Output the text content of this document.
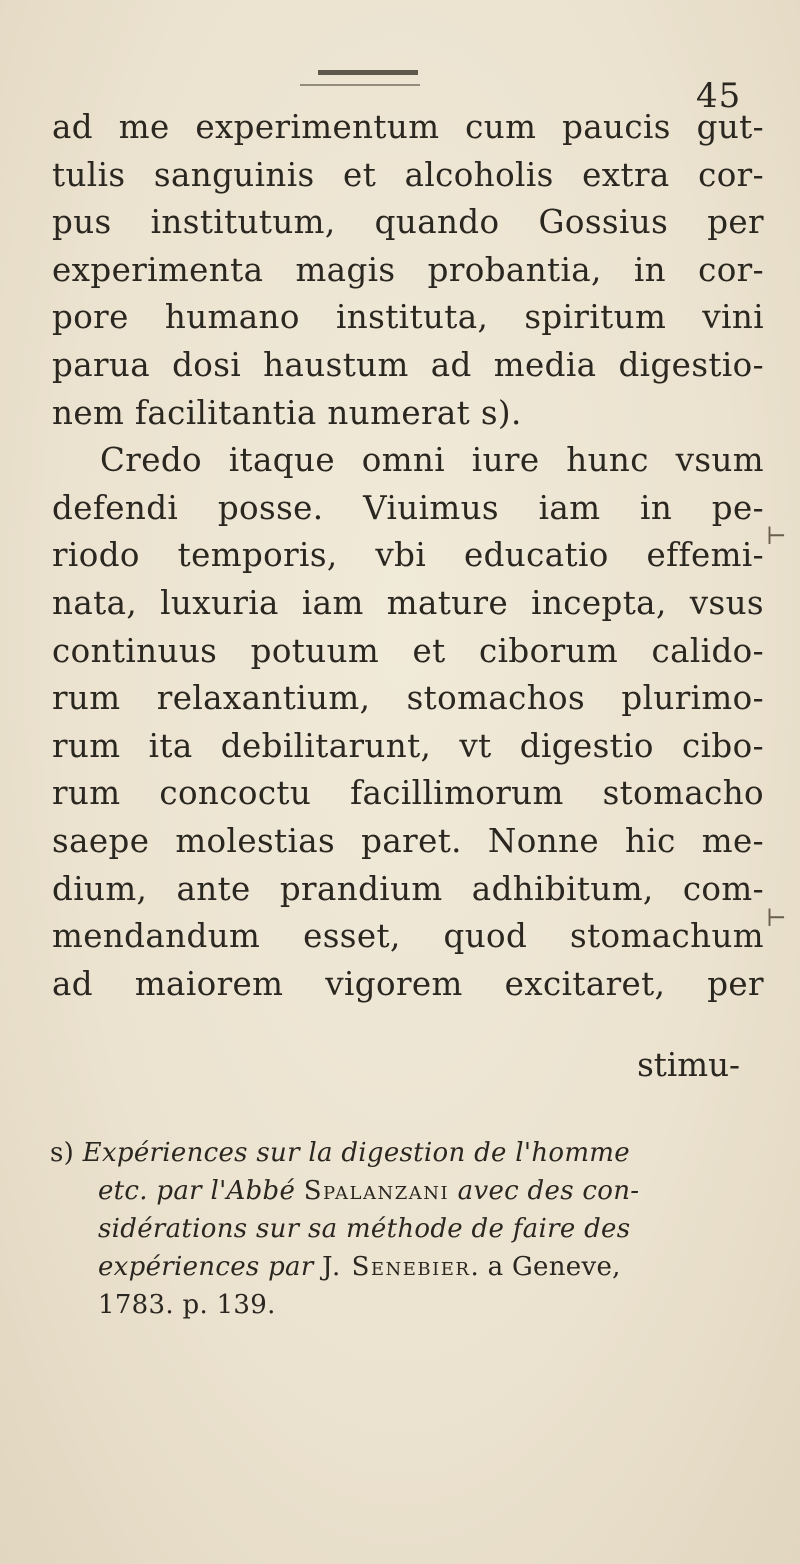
45
ad me experimentum cum paucis gut-
tulis sanguinis et alcoholis extra cor-
pus institutum, quando Gossius per
experimenta magis probantia, in cor-
pore humano instituta, spiritum vini
parua dosi haustum ad media digestio-
nem facilitantia numerat s).
Credo itaque omni iure hunc vsum
defendi posse. Viuimus iam in pe-
riodo temporis, vbi educatio effemi-
nata, luxuria iam mature incepta, vsus
continuus potuum et ciborum calido-
rum relaxantium, stomachos plurimo-
rum ita debilitarunt, vt digestio cibo-
rum concoctu facillimorum stomacho
saepe molestias paret. Nonne hic me-
dium, ante prandium adhibitum, com-
mendandum esset, quod stomachum
ad maiorem vigorem excitaret, per
⊢
⊢
stimu-
s) Expériences sur la digestion de l'homme
etc. par l'Abbé Spalanzani avec des con-
sidérations sur sa méthode de faire des
expériences par J. Senebier. a Geneve,
1783. p. 139.
